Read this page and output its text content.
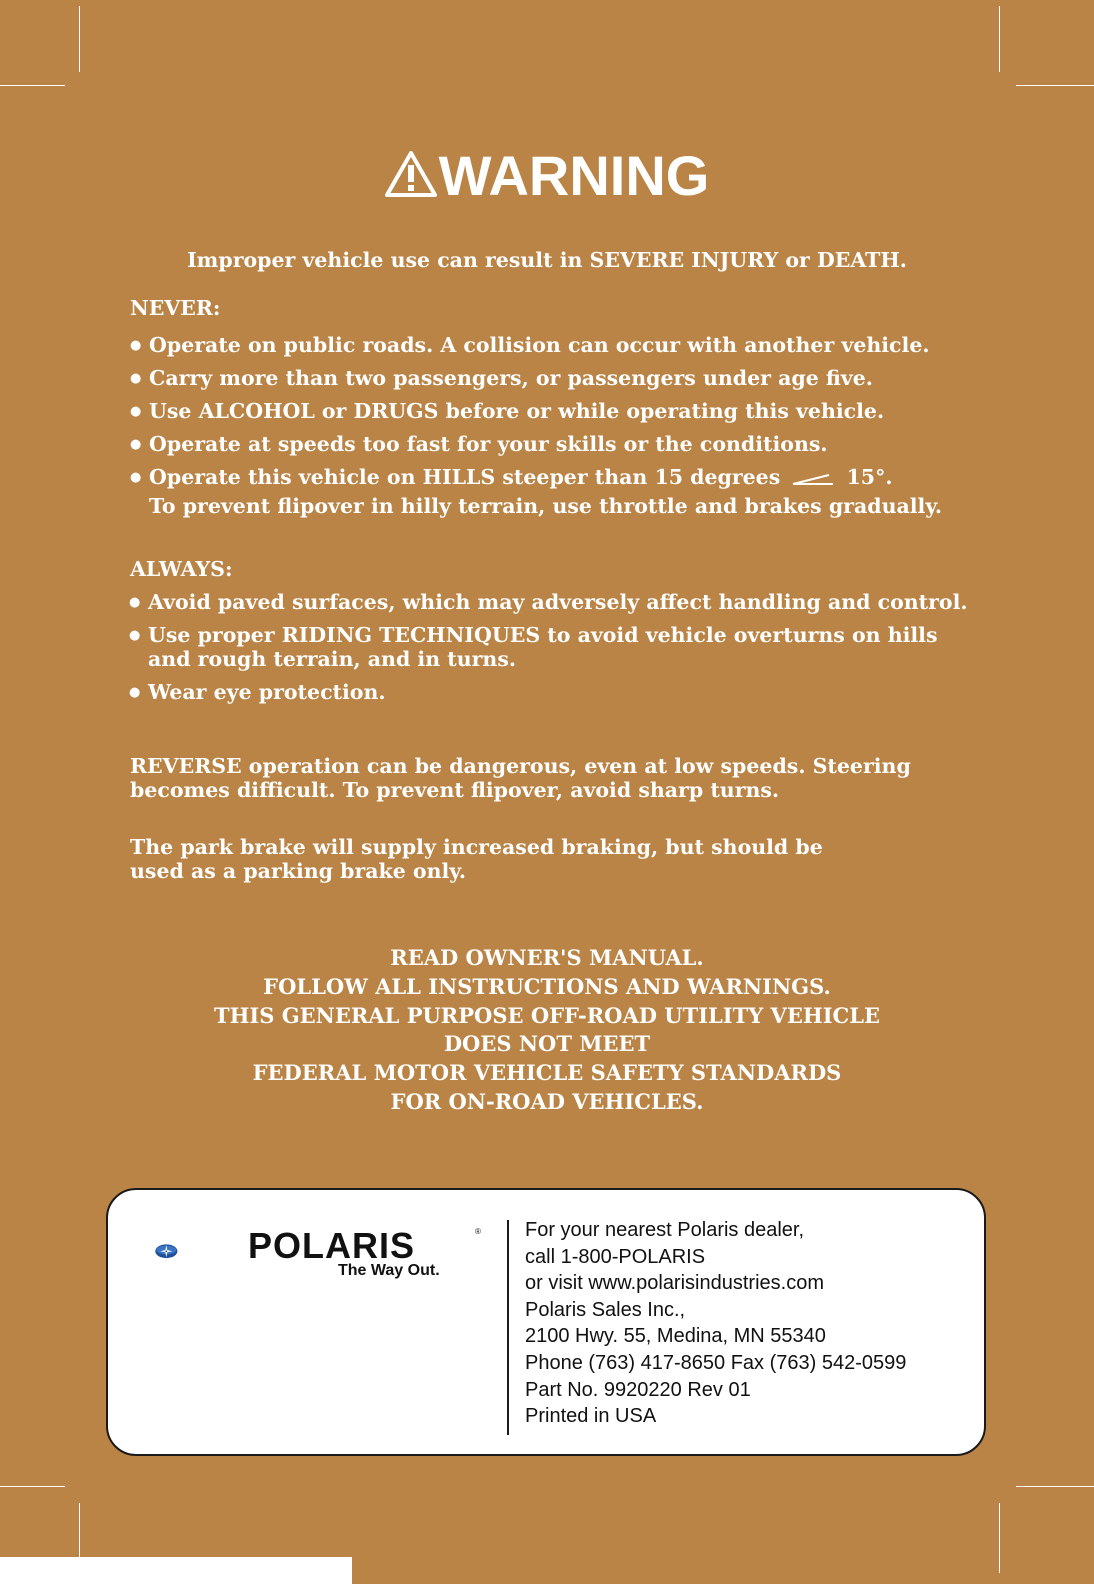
WARNING
Improper vehicle use can result in SEVERE INJURY or DEATH.
NEVER:
● Operate on public roads. A collision can occur with another vehicle.
● Carry more than two passengers, or passengers under age five.
● Use ALCOHOL or DRUGS before or while operating this vehicle.
● Operate at speeds too fast for your skills or the conditions.
● Operate this vehicle on HILLS steeper than 15 degrees	15°.
To prevent flipover in hilly terrain, use throttle and brakes gradually.
ALWAYS:
● Avoid paved surfaces, which may adversely affect handling and control.
● Use proper RIDING TECHNIQUES to avoid vehicle overturns on hills
and rough terrain, and in turns.
● Wear eye protection.
REVERSE operation can be dangerous, even at low speeds. Steering
becomes difficult. To prevent flipover, avoid sharp turns.
The park brake will supply increased braking, but should be
used as a parking brake only.
READ OWNER'S MANUAL.
FOLLOW ALL INSTRUCTIONS AND WARNINGS.
THIS GENERAL PURPOSE OFF-ROAD UTILITY VEHICLE
DOES NOT MEET
FEDERAL MOTOR VEHICLE SAFETY STANDARDS
FOR ON-ROAD VEHICLES.
POLARIS	®
The Way Out.
For your nearest Polaris dealer,
call 1-800-POLARIS
or visit www.polarisindustries.com
Polaris Sales Inc.,
2100 Hwy. 55, Medina, MN 55340
Phone (763) 417-8650 Fax (763) 542-0599
Part No. 9920220 Rev 01
Printed in USA
